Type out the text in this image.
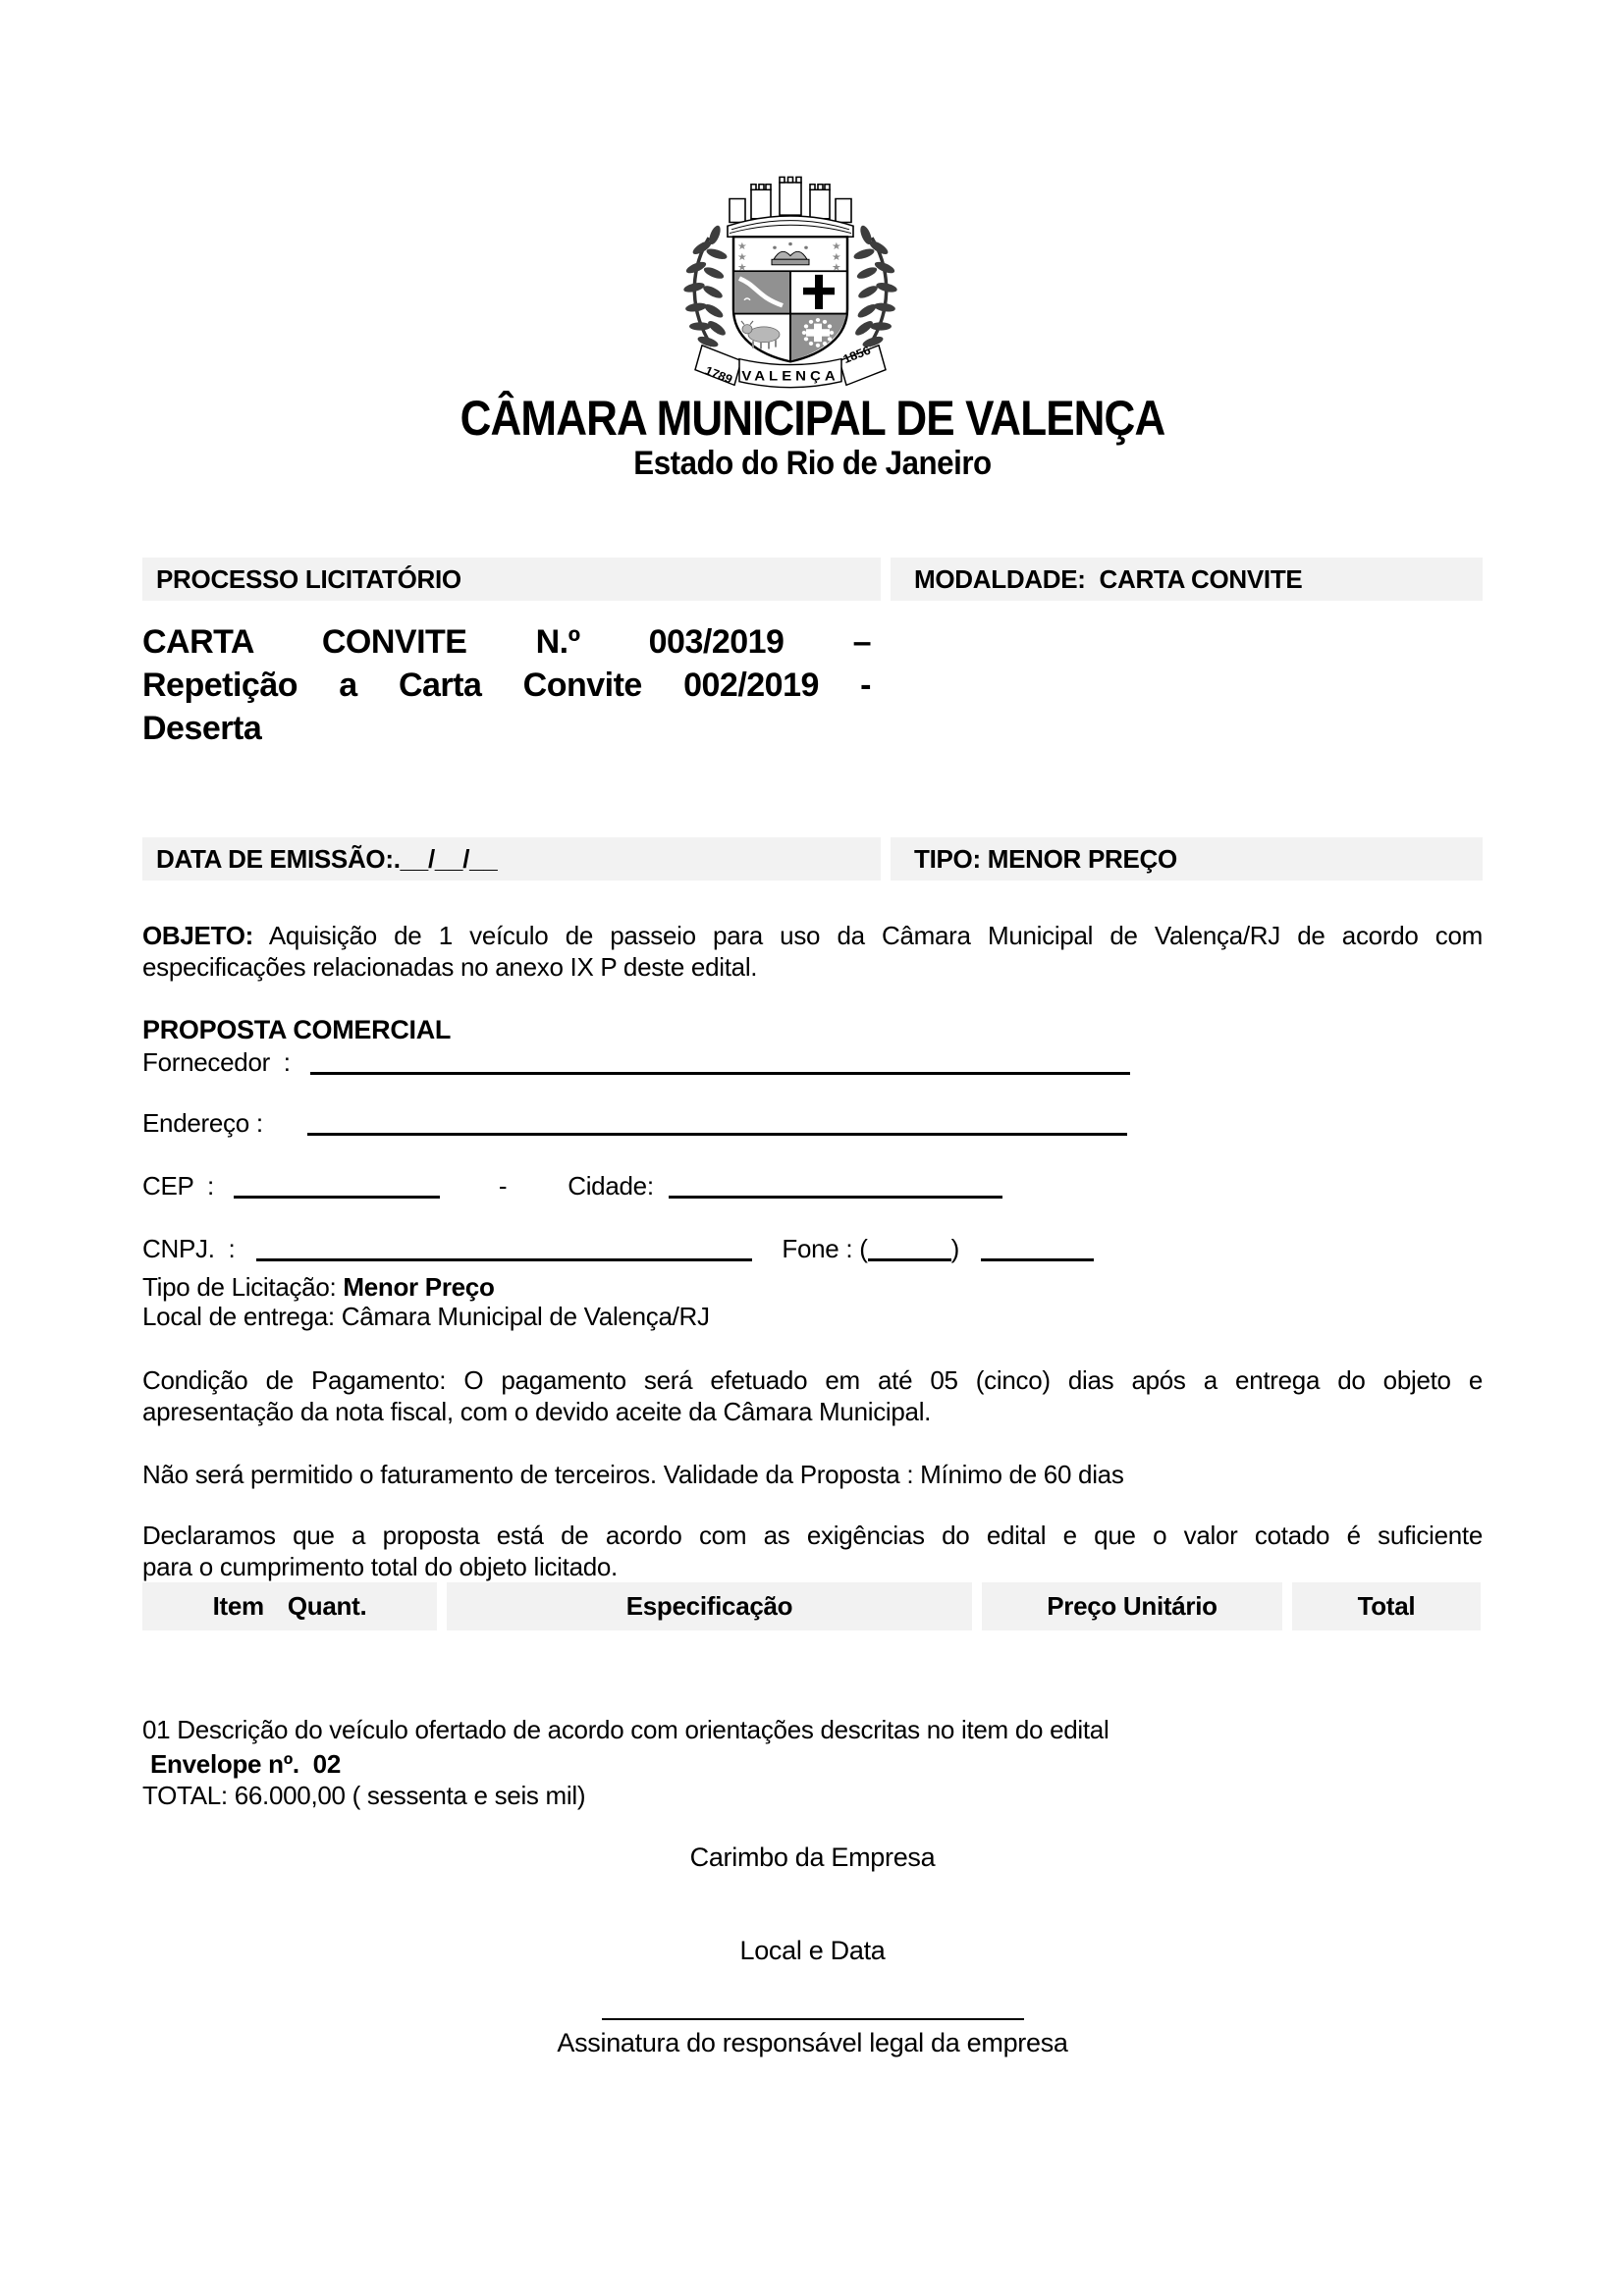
★
★
★
★
★
★
1789
1856
VALENÇA
CÂMARA MUNICIPAL DE VALENÇA
Estado do Rio de Janeiro
PROCESSO LICITATÓRIO	MODALDADE:  CARTA CONVITE
CARTA CONVITE N.º 003/2019 –
Repetição a Carta Convite 002/2019 -
Deserta
DATA DE EMISSÃO:.__/__/__	TIPO: MENOR PREÇO
OBJETO: Aquisição de 1 veículo de passeio para uso da Câmara Municipal de Valença/RJ de acordo com
especificações relacionadas no anexo IX P deste edital.
PROPOSTA COMERCIAL
Fornecedor  :
Endereço :
CEP  :	- Cidade:
CNPJ.  :	Fone : (	)
Tipo de Licitação: Menor Preço
Local de entrega: Câmara Municipal de Valença/RJ
Condição de Pagamento: O pagamento será efetuado em até 05 (cinco) dias após a entrega do objeto e
apresentação da nota fiscal, com o devido aceite da Câmara Municipal.
Não será permitido o faturamento de terceiros. Validade da Proposta : Mínimo de 60 dias
Declaramos que a proposta está de acordo com as exigências do edital e que o valor cotado é suficiente
para o cumprimento total do objeto licitado.
Item Quant.	Especificação	Preço Unitário	Total
01 Descrição do veículo ofertado de acordo com orientações descritas no item do edital
Envelope nº.  02
TOTAL: 66.000,00 ( sessenta e seis mil)
Carimbo da Empresa
Local e Data
Assinatura do responsável legal da empresa
